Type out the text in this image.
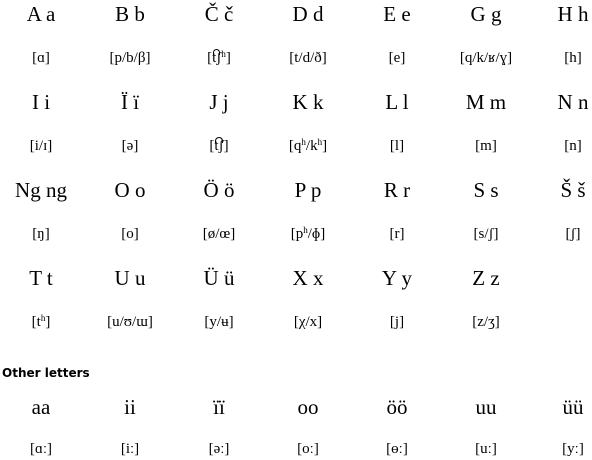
A a
[ɑ]
B b
[p/b/β]
Č č
[tʃ$^h$]
D d
[t/d/ð]
E e
[e]
G g
[q/k/ʁ/ɣ]
H h
[h]
I i
[i/ɪ]
Ï ï
[ə]
J j
[tʃ]
K k
$[q^h/k^h]$
L l
[l]
M m
[m]
N n
[n]
Ng ng
[ŋ]
O o
[o]
Ö ö
[ø/œ]
P p
$[p^h/ɸ]$
R r
[r]
S s
[s/ʃ]
Š š
[ʃ]
T t
$[t^h]$
U u
[u/ʊ/ɯ]
Ü ü
[y/ʉ]
X x
[χ/x]
Y y
[j]
Z z
[z/ʒ]
Other letters
aa
[ɑː]
ii
[iː]
ïï
[əː]
oo
[oː]
öö
[ɵː]
uu
[uː]
üü
[yː]
